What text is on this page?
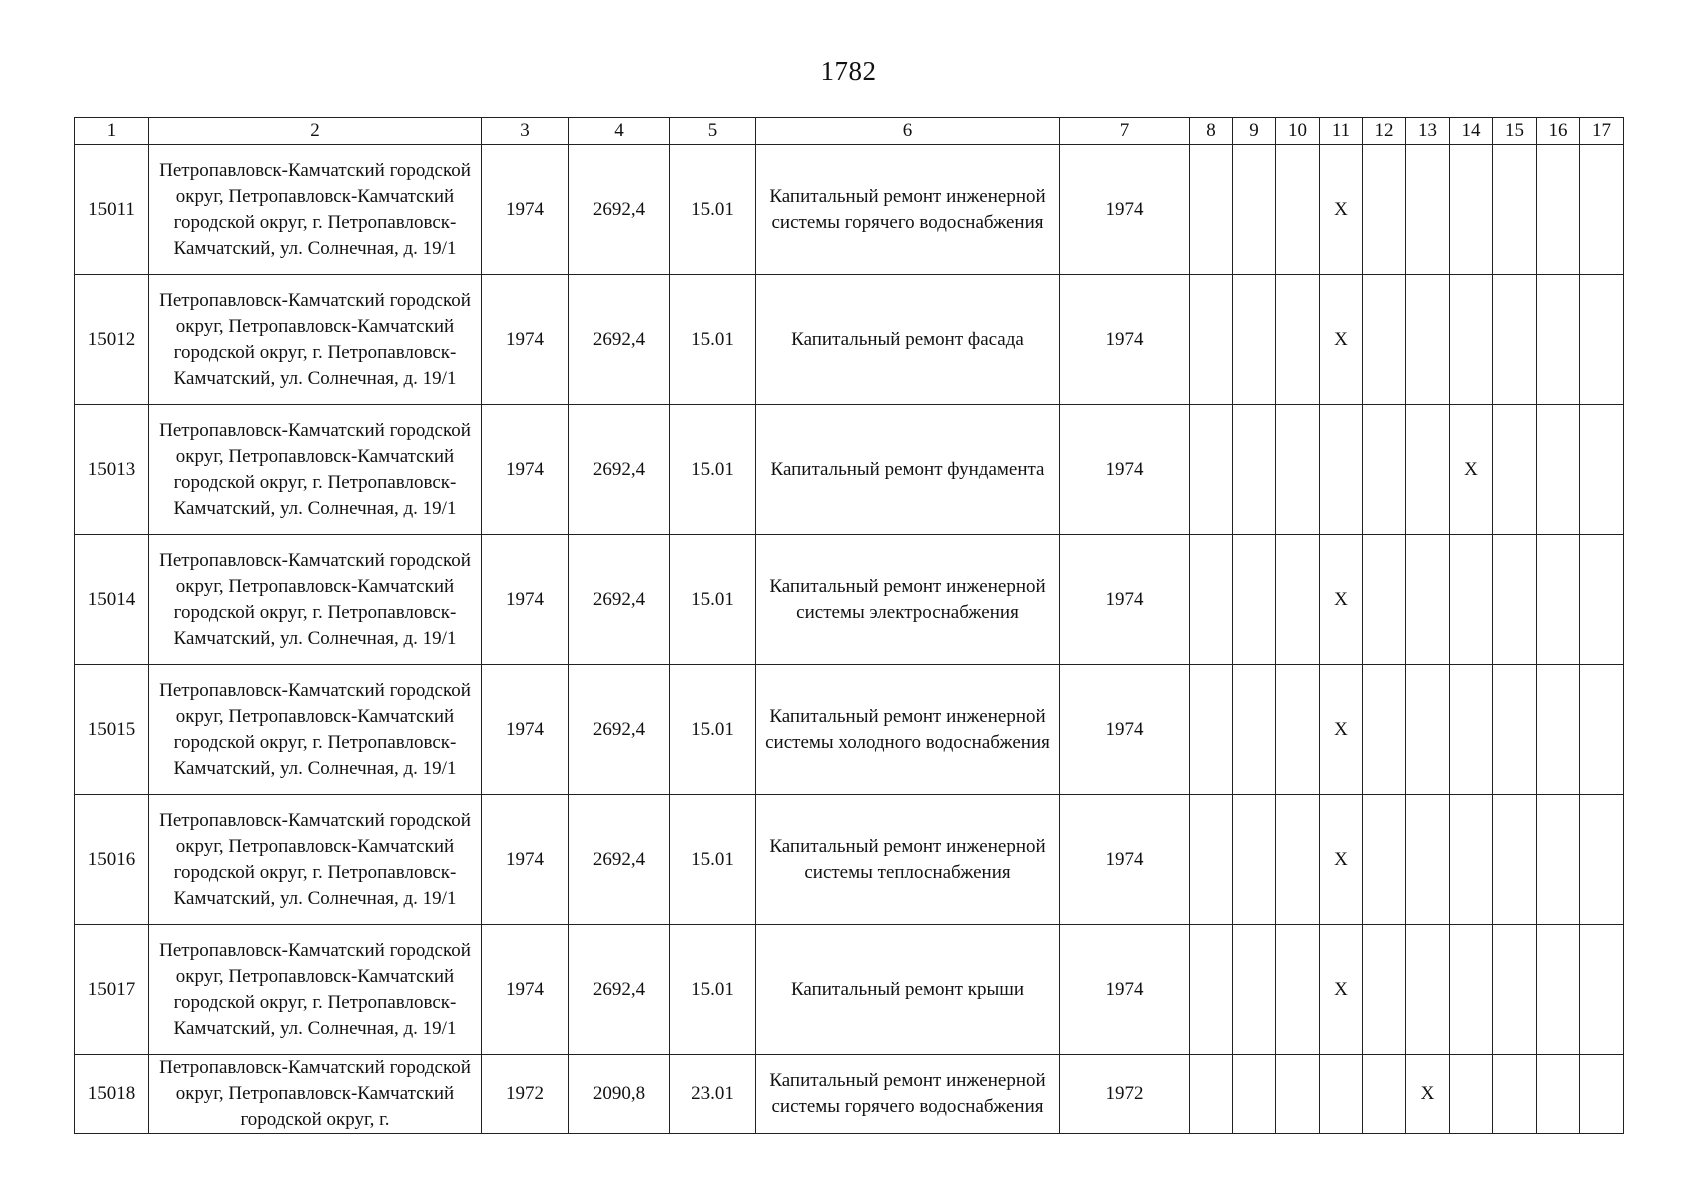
1782
1	2	3	4	5	6	7	8	9	10	11	12	13	14	15	16	17
15011	Петропавловск-Камчатский городской округ, Петропавловск-Камчатский городской округ, г. Петропавловск-Камчатский, ул. Солнечная, д. 19/1	1974	2692,4	15.01	Капитальный ремонт инженерной системы горячего водоснабжения	1974				X						
15012	Петропавловск-Камчатский городской округ, Петропавловск-Камчатский городской округ, г. Петропавловск-Камчатский, ул. Солнечная, д. 19/1	1974	2692,4	15.01	Капитальный ремонт фасада	1974				X						
15013	Петропавловск-Камчатский городской округ, Петропавловск-Камчатский городской округ, г. Петропавловск-Камчатский, ул. Солнечная, д. 19/1	1974	2692,4	15.01	Капитальный ремонт фундамента	1974							X			
15014	Петропавловск-Камчатский городской округ, Петропавловск-Камчатский городской округ, г. Петропавловск-Камчатский, ул. Солнечная, д. 19/1	1974	2692,4	15.01	Капитальный ремонт инженерной системы электроснабжения	1974				X						
15015	Петропавловск-Камчатский городской округ, Петропавловск-Камчатский городской округ, г. Петропавловск-Камчатский, ул. Солнечная, д. 19/1	1974	2692,4	15.01	Капитальный ремонт инженерной системы холодного водоснабжения	1974				X						
15016	Петропавловск-Камчатский городской округ, Петропавловск-Камчатский городской округ, г. Петропавловск-Камчатский, ул. Солнечная, д. 19/1	1974	2692,4	15.01	Капитальный ремонт инженерной системы теплоснабжения	1974				X						
15017	Петропавловск-Камчатский городской округ, Петропавловск-Камчатский городской округ, г. Петропавловск-Камчатский, ул. Солнечная, д. 19/1	1974	2692,4	15.01	Капитальный ремонт крыши	1974				X						
15018	Петропавловск-Камчатский городской округ, Петропавловск-Камчатский городской округ, г.	1972	2090,8	23.01	Капитальный ремонт инженерной системы горячего водоснабжения	1972						X				
